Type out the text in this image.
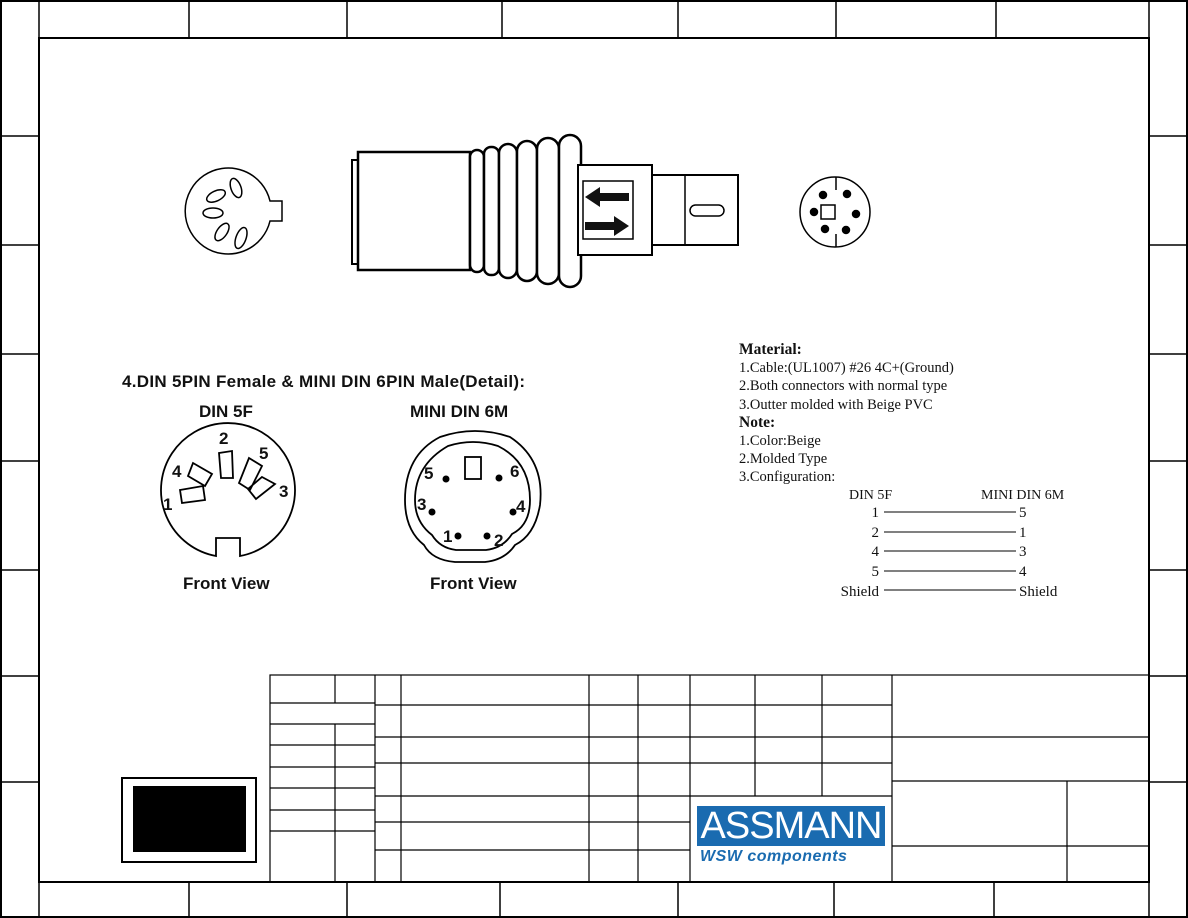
4.DIN 5PIN Female & MINI DIN 6PIN Male(Detail):
DIN 5F
2
5
4
3
1
Front View
MINI DIN 6M
5	6
3	4
1 2
Front View
DIN 5F	MINI DIN 6M
1	5
2	1
4	3
5	4
Shield	Shield
Material:
1.Cable:(UL1007) #26 4C+(Ground)
2.Both connectors with normal type
3.Outter molded with Beige PVC
Note:
1.Color:Beige
2.Molded Type
3.Configuration:
ASSMANN
WSW components
